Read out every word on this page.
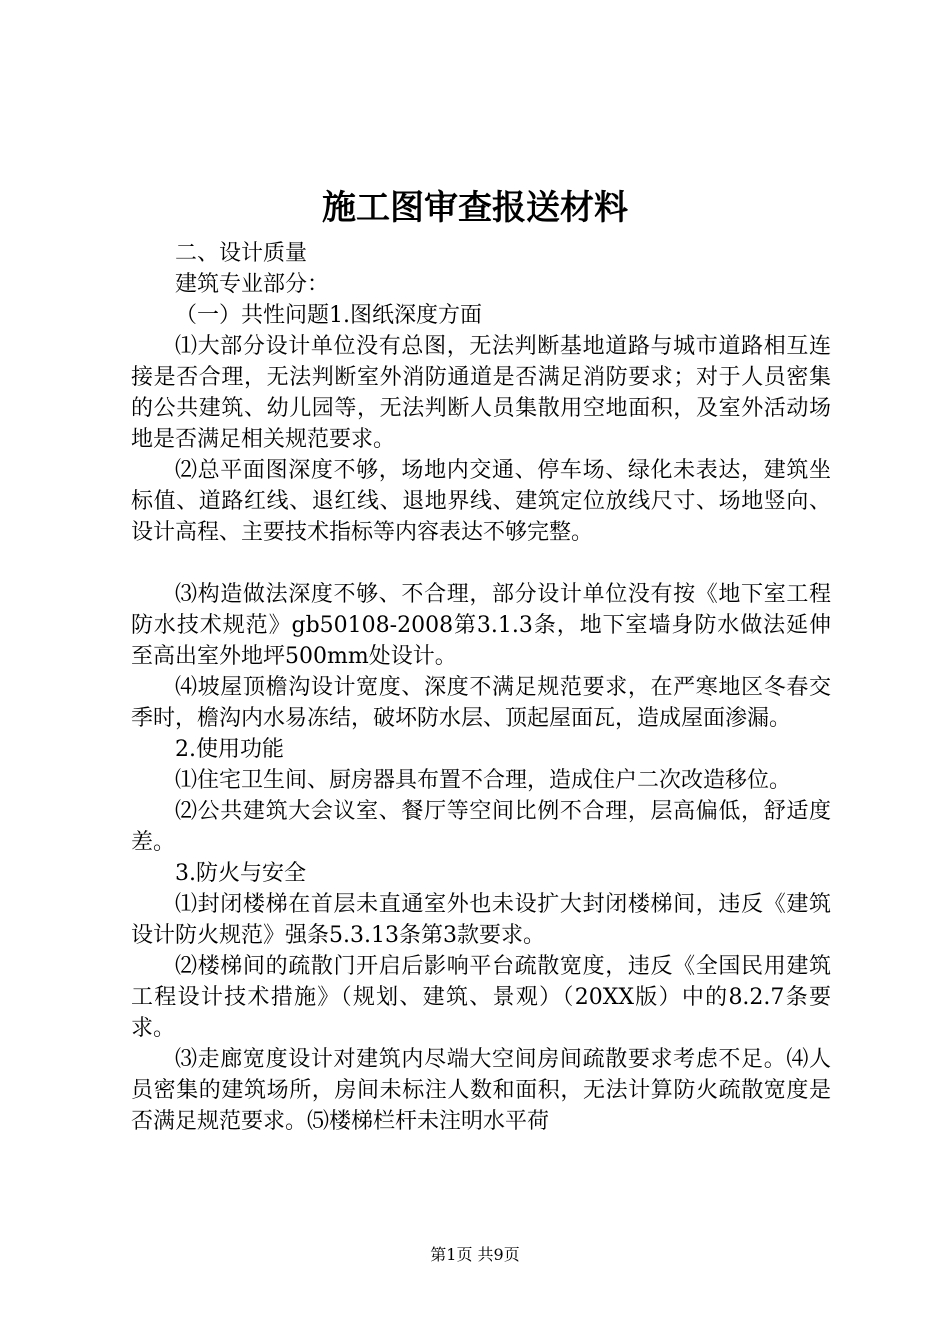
施工图审查报送材料

二、设计质量

建筑专业部分：

（一）共性问题1.图纸深度方面

⑴大部分设计单位没有总图，无法判断基地道路与城市道路相互连接是否合理，无法判断室外消防通道是否满足消防要求；对于人员密集的公共建筑、幼儿园等，无法判断人员集散用空地面积，及室外活动场地是否满足相关规范要求。

⑵总平面图深度不够，场地内交通、停车场、绿化未表达，建筑坐标值、道路红线、退红线、退地界线、建筑定位放线尺寸、场地竖向、设计高程、主要技术指标等内容表达不够完整。

⑶构造做法深度不够、不合理，部分设计单位没有按《地下室工程防水技术规范》gb50108-2008第3.1.3条，地下室墙身防水做法延伸至高出室外地坪500mm处设计。

⑷坡屋顶檐沟设计宽度、深度不满足规范要求，在严寒地区冬春交季时，檐沟内水易冻结，破坏防水层、顶起屋面瓦，造成屋面渗漏。

2.使用功能

⑴住宅卫生间、厨房器具布置不合理，造成住户二次改造移位。

⑵公共建筑大会议室、餐厅等空间比例不合理，层高偏低，舒适度差。

3.防火与安全

⑴封闭楼梯在首层未直通室外也未设扩大封闭楼梯间，违反《建筑设计防火规范》强条5.3.13条第3款要求。

⑵楼梯间的疏散门开启后影响平台疏散宽度，违反《全国民用建筑工程设计技术措施》（规划、建筑、景观）（20XX版）中的8.2.7条要求。

⑶走廊宽度设计对建筑内尽端大空间房间疏散要求考虑不足。⑷人员密集的建筑场所，房间未标注人数和面积，无法计算防火疏散宽度是否满足规范要求。⑸楼梯栏杆未注明水平荷

第1页 共9页
